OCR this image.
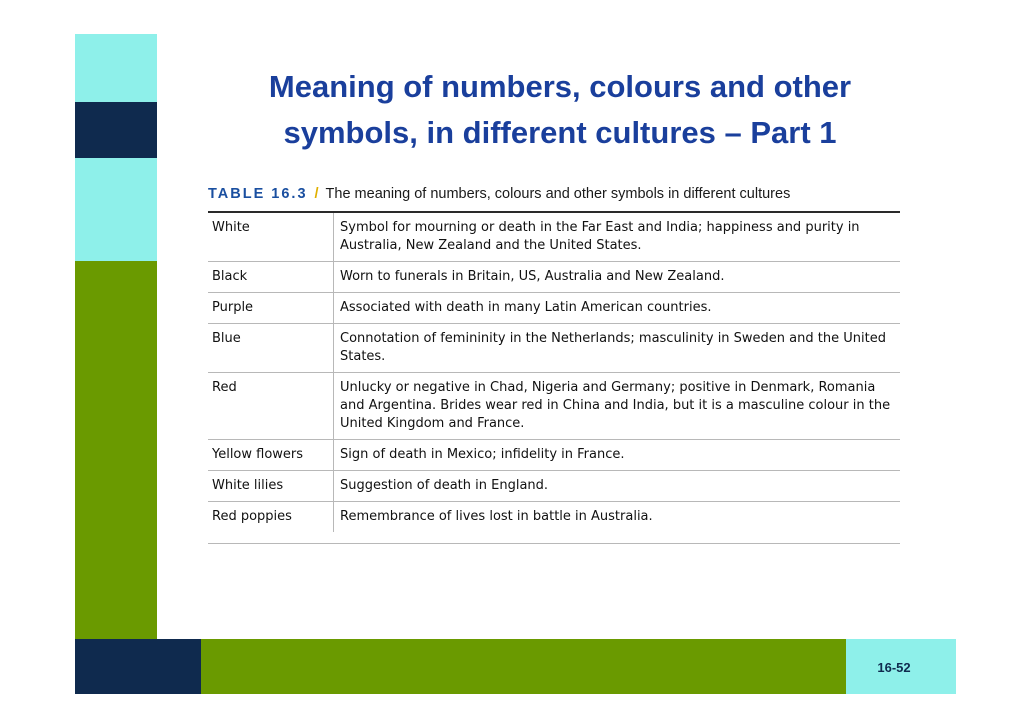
16-52
Meaning of numbers, colours and other
symbols, in different cultures – Part 1
TABLE 16.3 / The meaning of numbers, colours and other symbols in different cultures
White	Symbol for mourning or death in the Far East and India; happiness and purity in Australia, New Zealand and the United States.
Black	Worn to funerals in Britain, US, Australia and New Zealand.
Purple	Associated with death in many Latin American countries.
Blue	Connotation of femininity in the Netherlands; masculinity in Sweden and the United States.
Red	Unlucky or negative in Chad, Nigeria and Germany; positive in Denmark, Romania and Argentina. Brides wear red in China and India, but it is a masculine colour in the United Kingdom and France.
Yellow flowers	Sign of death in Mexico; infidelity in France.
White lilies	Suggestion of death in England.
Red poppies	Remembrance of lives lost in battle in Australia.
